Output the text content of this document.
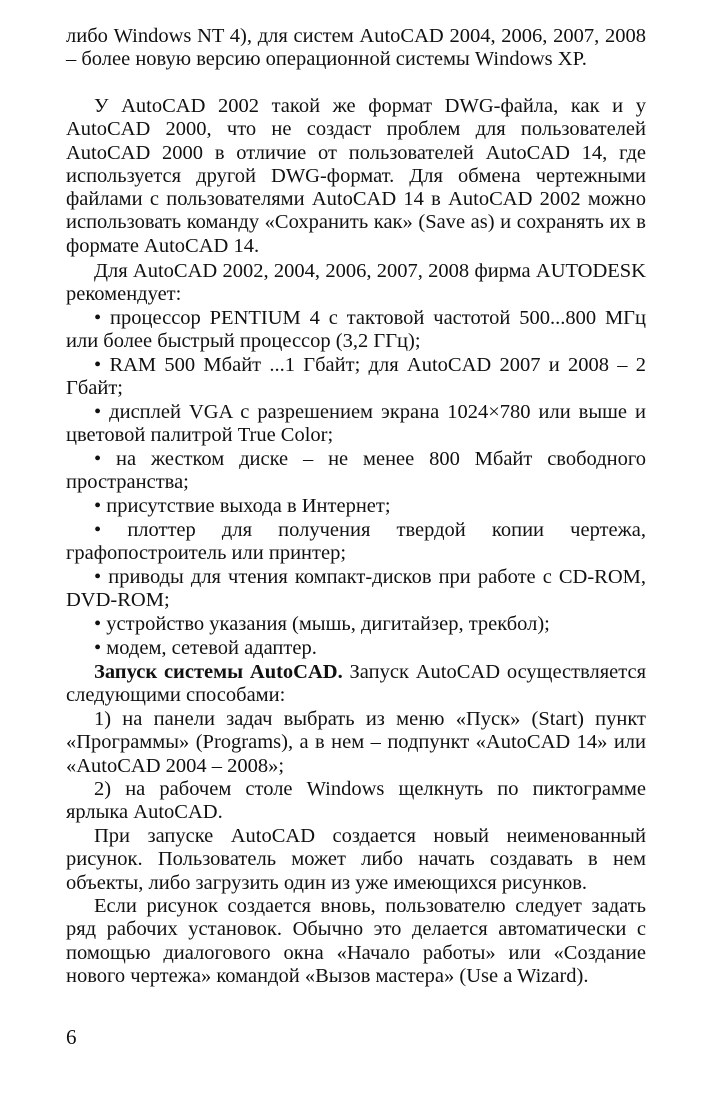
либо Windows NT 4), для систем AutoCAD 2004, 2006, 2007, 2008 – более новую версию операционной системы Windows XP.

У AutoCAD 2002 такой же формат DWG-файла, как и у AutoCAD 2000, что не создаст проблем для пользователей AutoCAD 2000 в отличие от пользователей AutoCAD 14, где используется другой DWG-формат. Для обмена чертежными файлами с пользователями AutoCAD 14 в AutoCAD 2002 можно использовать команду «Сохранить как» (Save as) и сохранять их в формате AutoCAD 14.

Для AutoCAD 2002, 2004, 2006, 2007, 2008 фирма AUTODESK рекомендует:

• процессор PENTIUM 4 с тактовой частотой 500...800 МГц или более быстрый процессор (3,2 ГГц);

• RAM 500 Мбайт ...1 Гбайт; для AutoCAD 2007 и 2008 – 2 Гбайт;

• дисплей VGA с разрешением экрана 1024×780 или выше и цветовой палитрой True Color;

• на жестком диске – не менее 800 Мбайт свободного пространства;

• присутствие выхода в Интернет;

• плоттер для получения твердой копии чертежа, графопостроитель или принтер;

• приводы для чтения компакт-дисков при работе с CD-ROM, DVD-ROM;

• устройство указания (мышь, дигитайзер, трекбол);

• модем, сетевой адаптер.

Запуск системы AutoCAD. Запуск AutoCAD осуществляется следующими способами:

1) на панели задач выбрать из меню «Пуск» (Start) пункт «Программы» (Programs), а в нем – подпункт «AutoCAD 14» или «AutoCAD 2004 – 2008»;

2) на рабочем столе Windows щелкнуть по пиктограмме ярлыка AutoCAD.

При запуске AutoCAD создается новый неименованный рисунок. Пользователь может либо начать создавать в нем объекты, либо загрузить один из уже имеющихся рисунков.

Если рисунок создается вновь, пользователю следует задать ряд рабочих установок. Обычно это делается автоматически с помощью диалогового окна «Начало работы» или «Создание нового чертежа» командой «Вызов мастера» (Use a Wizard).

6
